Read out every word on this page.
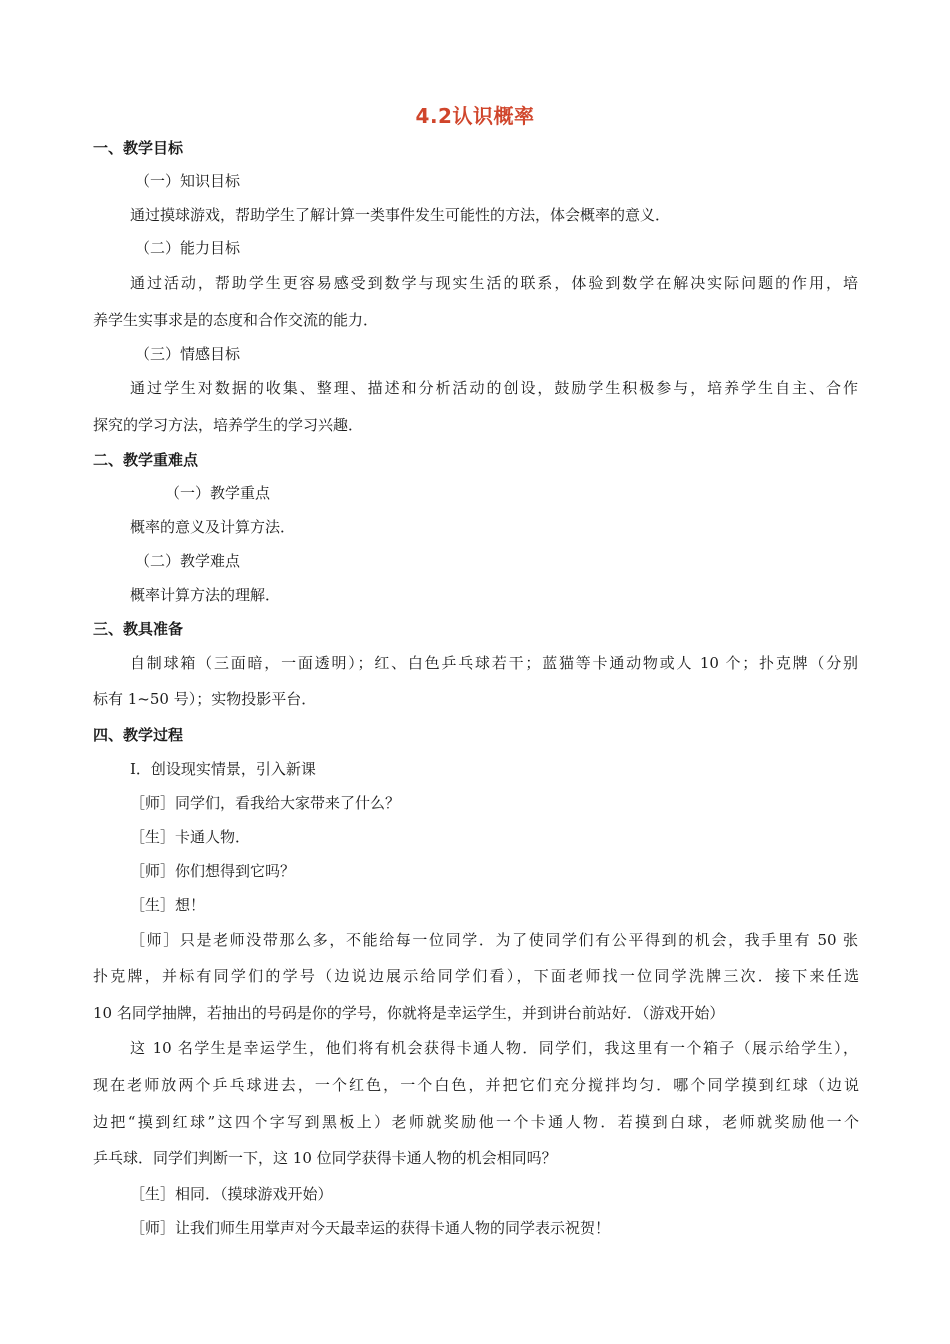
4.2认识概率
一、教学目标
（一）知识目标
通过摸球游戏，帮助学生了解计算一类事件发生可能性的方法，体会概率的意义．
（二）能力目标
通过活动，帮助学生更容易感受到数学与现实生活的联系，体验到数学在解决实际问题的作用，培
养学生实事求是的态度和合作交流的能力．
（三）情感目标
通过学生对数据的收集、整理、描述和分析活动的创设，鼓励学生积极参与，培养学生自主、合作
探究的学习方法，培养学生的学习兴趣．
二、教学重难点
（一）教学重点
概率的意义及计算方法．
（二）教学难点
概率计算方法的理解．
三、教具准备
自制球箱（三面暗，一面透明）；红、白色乒乓球若干；蓝猫等卡通动物或人 10 个；扑克牌（分别
标有 1~50 号）；实物投影平台．
四、教学过程
Ⅰ．创设现实情景，引入新课
［师］同学们，看我给大家带来了什么？
［生］卡通人物．
［师］你们想得到它吗？
［生］想！
［师］只是老师没带那么多，不能给每一位同学．为了使同学们有公平得到的机会，我手里有 50 张
扑克牌，并标有同学们的学号（边说边展示给同学们看），下面老师找一位同学洗牌三次．接下来任选
10 名同学抽牌，若抽出的号码是你的学号，你就将是幸运学生，并到讲台前站好．（游戏开始）
这 10 名学生是幸运学生，他们将有机会获得卡通人物．同学们，我这里有一个箱子（展示给学生），
现在老师放两个乒乓球进去，一个红色，一个白色，并把它们充分搅拌均匀．哪个同学摸到红球（边说
边把“摸到红球”这四个字写到黑板上）老师就奖励他一个卡通人物．若摸到白球，老师就奖励他一个
乒乓球．同学们判断一下，这 10 位同学获得卡通人物的机会相同吗？
［生］相同．（摸球游戏开始）
［师］让我们师生用掌声对今天最幸运的获得卡通人物的同学表示祝贺！
